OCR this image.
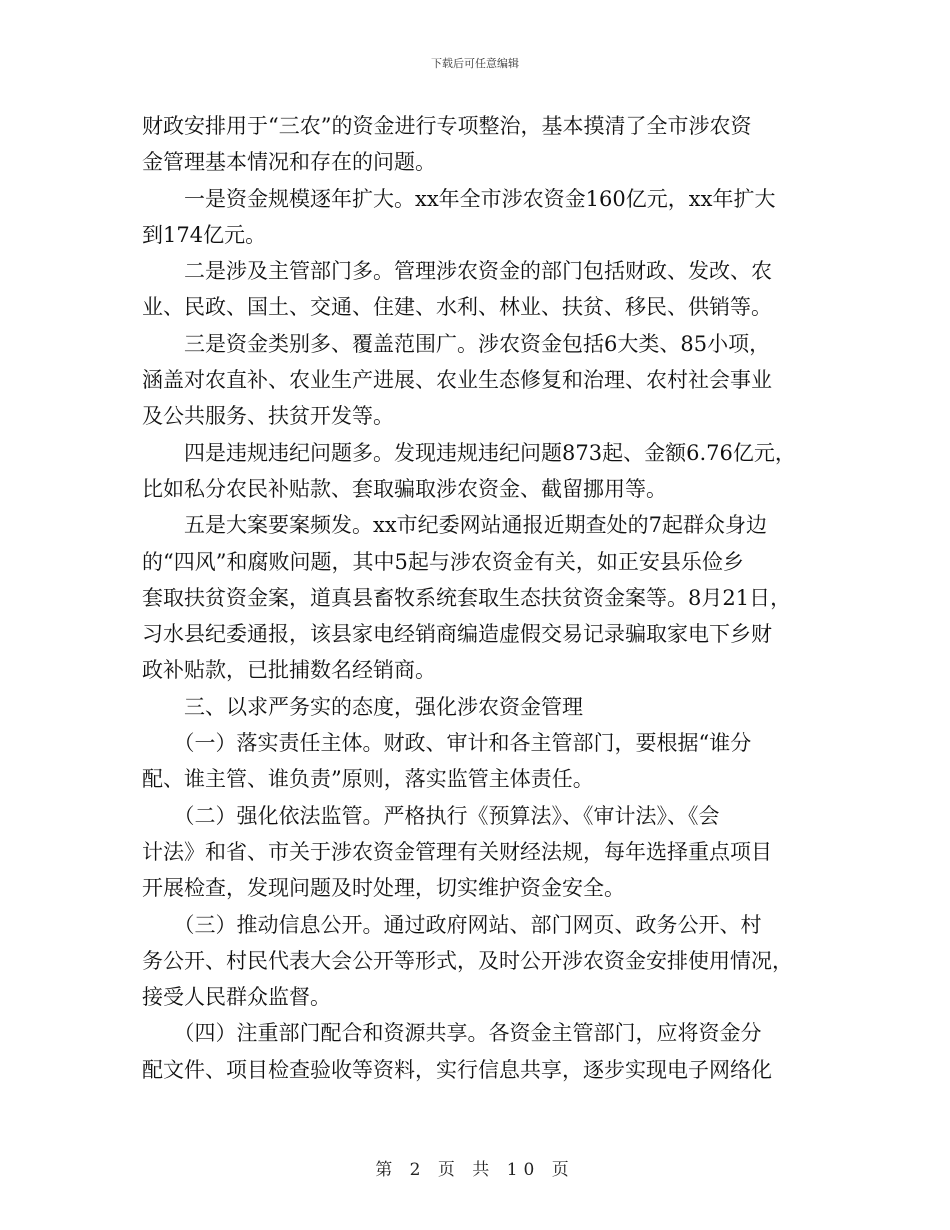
下载后可任意编辑

财政安排用于“三农”的资金进行专项整治，基本摸清了全市涉农资

金管理基本情况和存在的问题。

　　一是资金规模逐年扩大。xx年全市涉农资金160亿元，xx年扩大

到174亿元。

　　二是涉及主管部门多。管理涉农资金的部门包括财政、发改、农

业、民政、国土、交通、住建、水利、林业、扶贫、移民、供销等。

　　三是资金类别多、覆盖范围广。涉农资金包括6大类、85小项，

涵盖对农直补、农业生产进展、农业生态修复和治理、农村社会事业

及公共服务、扶贫开发等。

　　四是违规违纪问题多。发现违规违纪问题873起、金额6.76亿元，

比如私分农民补贴款、套取骗取涉农资金、截留挪用等。

　　五是大案要案频发。xx市纪委网站通报近期查处的7起群众身边

的“四风”和腐败问题，其中5起与涉农资金有关，如正安县乐俭乡

套取扶贫资金案，道真县畜牧系统套取生态扶贫资金案等。8月21日，

习水县纪委通报，该县家电经销商编造虚假交易记录骗取家电下乡财

政补贴款，已批捕数名经销商。

　　三、以求严务实的态度，强化涉农资金管理

　　（一）落实责任主体。财政、审计和各主管部门，要根据“谁分

配、谁主管、谁负责”原则，落实监管主体责任。

　　（二）强化依法监管。严格执行《预算法》、《审计法》、《会

计法》和省、市关于涉农资金管理有关财经法规，每年选择重点项目

开展检查，发现问题及时处理，切实维护资金安全。

　　（三）推动信息公开。通过政府网站、部门网页、政务公开、村

务公开、村民代表大会公开等形式，及时公开涉农资金安排使用情况，

接受人民群众监督。

　　（四）注重部门配合和资源共享。各资金主管部门，应将资金分

配文件、项目检查验收等资料，实行信息共享，逐步实现电子网络化

第 2 页 共 10 页
